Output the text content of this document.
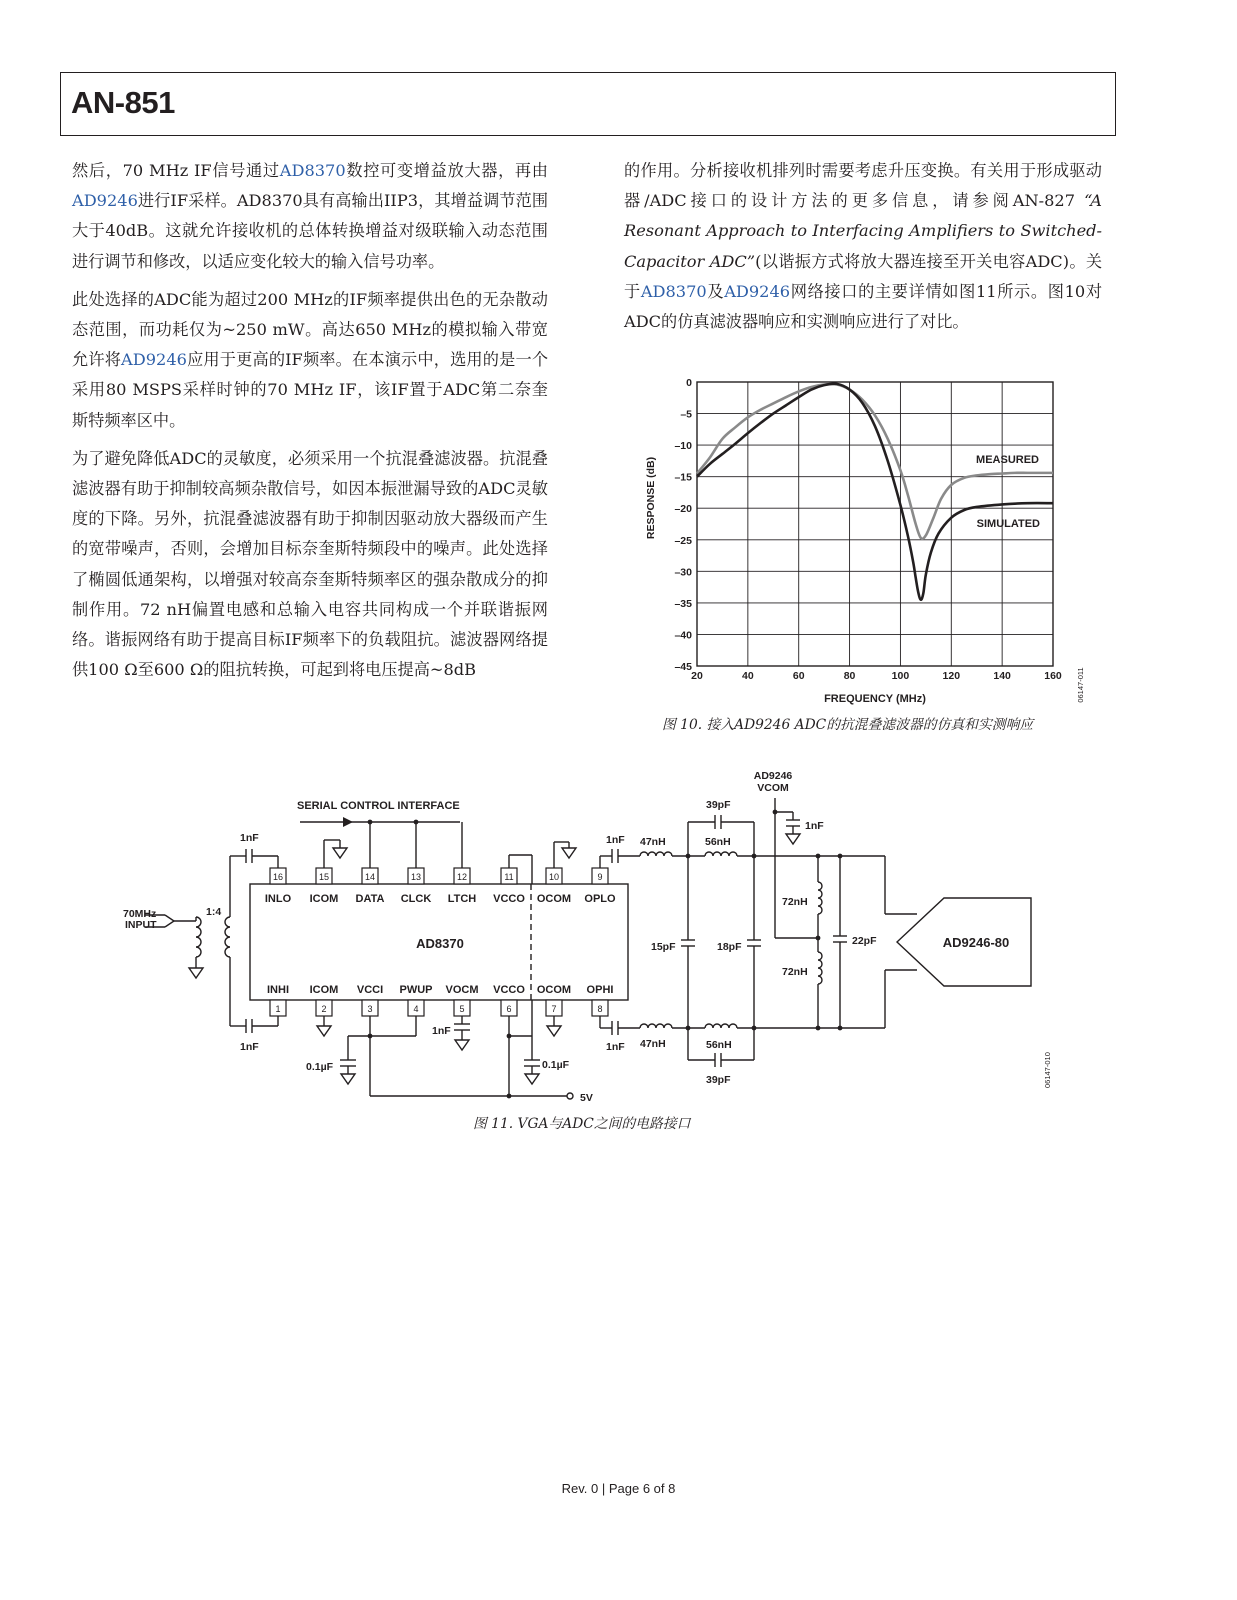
AN-851

然后，70 MHz IF信号通过AD8370数控可变增益放大器，再由AD9246进行IF采样。AD8370具有高输出IIP3，其增益调节范围大于40dB。这就允许接收机的总体转换增益对级联输入动态范围进行调节和修改，以适应变化较大的输入信号功率。

此处选择的ADC能为超过200 MHz的IF频率提供出色的无杂散动态范围，而功耗仅为~250 mW。高达650 MHz的模拟输入带宽允许将AD9246应用于更高的IF频率。在本演示中，选用的是一个采用80 MSPS采样时钟的70 MHz IF，该IF置于ADC第二奈奎斯特频率区中。

为了避免降低ADC的灵敏度，必须采用一个抗混叠滤波器。抗混叠滤波器有助于抑制较高频杂散信号，如因本振泄漏导致的ADC灵敏度的下降。另外，抗混叠滤波器有助于抑制因驱动放大器级而产生的宽带噪声，否则，会增加目标奈奎斯特频段中的噪声。此处选择了椭圆低通架构，以增强对较高奈奎斯特频率区的强杂散成分的抑制作用。72 nH偏置电感和总输入电容共同构成一个并联谐振网络。谐振网络有助于提高目标IF频率下的负载阻抗。滤波器网络提供100 Ω至600 Ω的阻抗转换，可起到将电压提高~8dB

的作用。分析接收机排列时需要考虑升压变换。有关用于形成驱动器/ADC接口的设计方法的更多信息，请参阅AN-827 “A Resonant Approach to Interfacing Amplifiers to Switched-Capacitor ADC”(以谐振方式将放大器连接至开关电容ADC)。关于AD8370及AD9246网络接口的主要详情如图11所示。图10对ADC的仿真滤波器响应和实测响应进行了对比。

20	40	60	80	100	120	140	160
0
–5
–10
–15
–20
–25
–30
–35
–40
–45
RESPONSE (dB)
FREQUENCY (MHz)
MEASURED
SIMULATED
06147-011
图 10. 接入AD9246 ADC的抗混叠滤波器的仿真和实测响应
SERIAL CONTROL INTERFACE
70MHz
INPUT
1:4
AD8370	AD9246-80
AD9246
VCOM
5V
1nF
1nF
1nF
1nF
47nH
47nH
56nH
56nH
39pF
39pF
15pF	18pF
72nH
72nH
22pF
1nF
1nF
0.1µF	0.1µF
16
INLO
15
ICOM
14
DATA
13
CLCK
12
LTCH
11
VCCO
10
OCOM
9
OPLO
1
INHI
2
ICOM
3
VCCI
4
PWUP
5
VOCM
6
VCCO
7
OCOM
8
OPHI
06147-010
图 11. VGA与ADC之间的电路接口
Rev. 0 | Page 6 of 8
